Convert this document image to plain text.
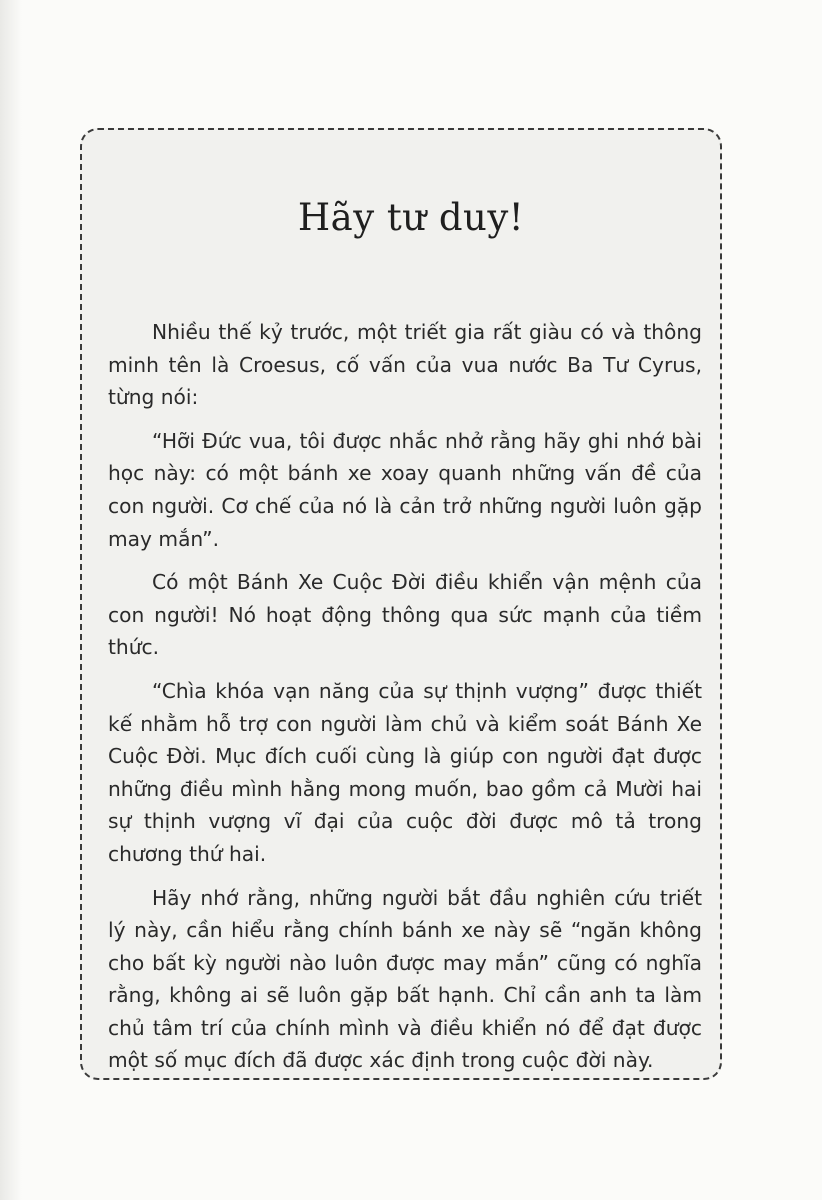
Hãy tư duy!

Nhiều thế kỷ trước, một triết gia rất giàu có và thông minh tên là Croesus, cố vấn của vua nước Ba Tư Cyrus, từng nói:

“Hỡi Đức vua, tôi được nhắc nhở rằng hãy ghi nhớ bài học này: có một bánh xe xoay quanh những vấn đề của con người. Cơ chế của nó là cản trở những người luôn gặp may mắn”.

Có một Bánh Xe Cuộc Đời điều khiển vận mệnh của con người! Nó hoạt động thông qua sức mạnh của tiềm thức.

“Chìa khóa vạn năng của sự thịnh vượng” được thiết kế nhằm hỗ trợ con người làm chủ và kiểm soát Bánh Xe Cuộc Đời. Mục đích cuối cùng là giúp con người đạt được những điều mình hằng mong muốn, bao gồm cả Mười hai sự thịnh vượng vĩ đại của cuộc đời được mô tả trong chương thứ hai.

Hãy nhớ rằng, những người bắt đầu nghiên cứu triết lý này, cần hiểu rằng chính bánh xe này sẽ “ngăn không cho bất kỳ người nào luôn được may mắn” cũng có nghĩa rằng, không ai sẽ luôn gặp bất hạnh. Chỉ cần anh ta làm chủ tâm trí của chính mình và điều khiển nó để đạt được một số mục đích đã được xác định trong cuộc đời này.
